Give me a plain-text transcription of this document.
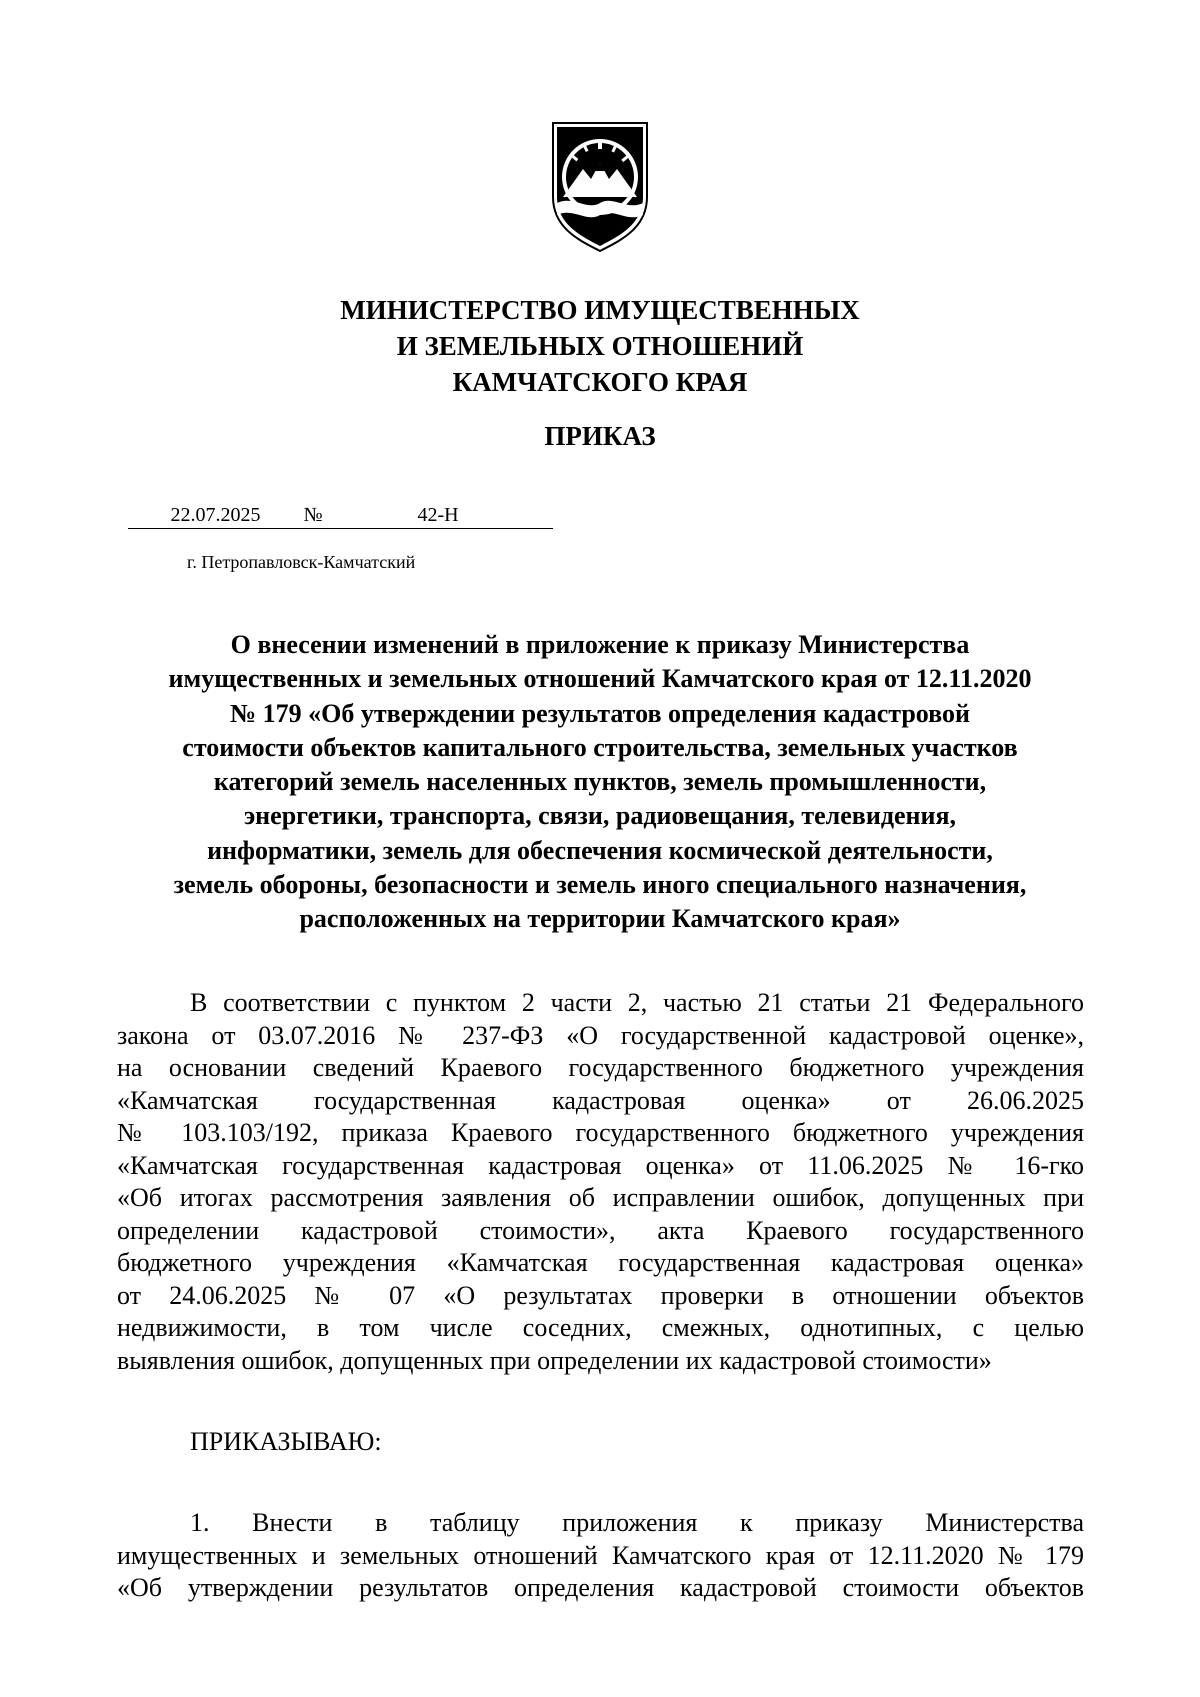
МИНИСТЕРСТВО ИМУЩЕСТВЕННЫХ
И ЗЕМЕЛЬНЫХ ОТНОШЕНИЙ
КАМЧАТСКОГО КРАЯ
ПРИКАЗ
22.07.2025 №	42-Н
г. Петропавловск-Камчатский
О внесении изменений в приложение к приказу Министерства
имущественных и земельных отношений Камчатского края от 12.11.2020
№ 179 «Об утверждении результатов определения кадастровой
стоимости объектов капитального строительства, земельных участков
категорий земель населенных пунктов, земель промышленности,
энергетики, транспорта, связи, радиовещания, телевидения,
информатики, земель для обеспечения космической деятельности,
земель обороны, безопасности и земель иного специального назначения,
расположенных на территории Камчатского края»
В соответствии с пунктом 2 части 2, частью 21 статьи 21 Федерального
закона от 03.07.2016 № 237-ФЗ «О государственной кадастровой оценке»,
на основании сведений Краевого государственного бюджетного учреждения
«Камчатская государственная кадастровая оценка» от 26.06.2025
№ 103.103/192, приказа Краевого государственного бюджетного учреждения
«Камчатская государственная кадастровая оценка» от 11.06.2025 № 16-гко
«Об итогах рассмотрения заявления об исправлении ошибок, допущенных при
определении кадастровой стоимости», акта Краевого государственного
бюджетного учреждения «Камчатская государственная кадастровая оценка»
от 24.06.2025 № 07 «О результатах проверки в отношении объектов
недвижимости, в том числе соседних, смежных, однотипных, с целью
выявления ошибок, допущенных при определении их кадастровой стоимости»
ПРИКАЗЫВАЮ:
1. Внести в таблицу приложения к приказу Министерства
имущественных и земельных отношений Камчатского края от 12.11.2020 № 179
«Об утверждении результатов определения кадастровой стоимости объектов
